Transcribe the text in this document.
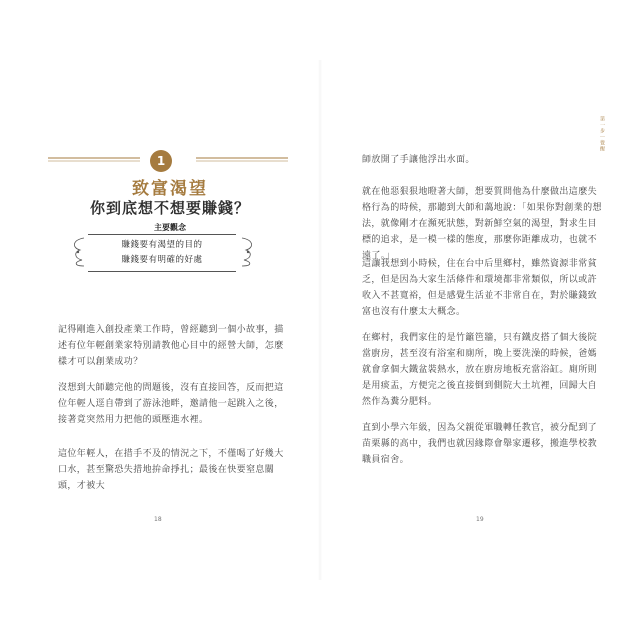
1
致富渴望
你到底想不想要賺錢？
主要觀念
賺錢要有渴望的目的
賺錢要有明確的好處

記得剛進入創投產業工作時，曾經聽到一個小故事，描述有位年輕創業家特別請教他心目中的經營大師，怎麼樣才可以創業成功？

沒想到大師聽完他的問題後，沒有直接回答，反而把這位年輕人逕自帶到了游泳池畔，邀請他一起跳入之後，接著竟突然用力把他的頭壓進水裡。

這位年輕人，在措手不及的情況之下，不僅喝了好幾大口水，甚至驚恐失措地拚命掙扎；最後在快要窒息關頭，才被大

18
第一步｜覺醒

師放開了手讓他浮出水面。

就在他惡狠狠地瞪著大師，想要質問他為什麼做出這麼失格行為的時候，那聽到大師和藹地說：「如果你對創業的想法，就像剛才在瀕死狀態，對新鮮空氣的渴望，對求生目標的追求，是一模一樣的態度，那麼你距離成功，也就不遠了。」

這讓我想到小時候，住在台中后里鄉村，雖然資源非常貧乏，但是因為大家生活條件和環境都非常類似，所以或許收入不甚寬裕，但是感覺生活並不非常自在，對於賺錢致富也沒有什麼太大概念。

在鄉村，我們家住的是竹籬笆牆，只有鐵皮搭了個大後院當廚房，甚至沒有浴室和廁所，晚上要洗澡的時候，爸媽就會拿個大鐵盆裝熱水，放在廚房地板充當浴缸。廁所則是用痰盂，方便完之後直接倒到側院大土坑裡，回歸大自然作為糞分肥料。

直到小學六年級，因為父親從軍職轉任教官，被分配到了苗栗縣的高中，我們也就因緣際會舉家遷移，搬進學校教職員宿舍。

19
